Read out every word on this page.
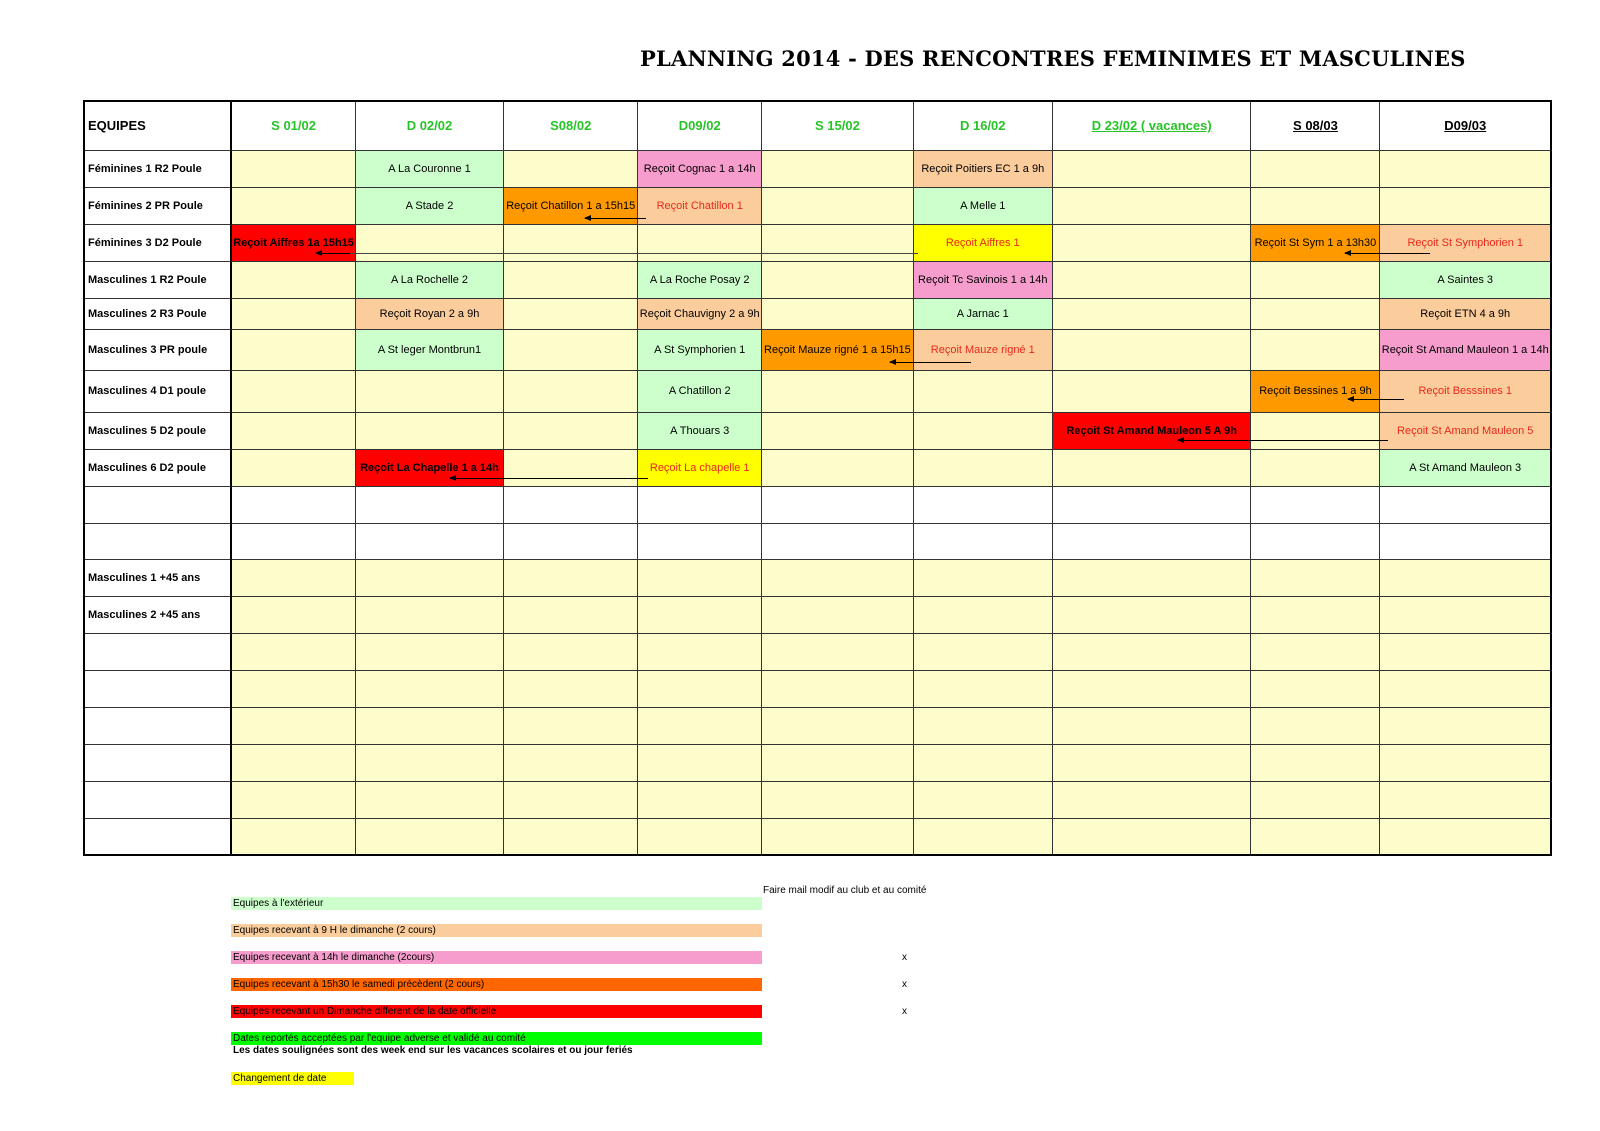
PLANNING 2014 - DES RENCONTRES FEMINIMES ET MASCULINES
EQUIPES	S 01/02	D 02/02	S08/02	D09/02	S 15/02	D 16/02	D 23/02 ( vacances)	S 08/03	D09/03
Féminines 1 R2 Poule		A La Couronne 1		Reçoit Cognac 1 a 14h		Reçoit Poitiers EC 1 a 9h			
Féminines 2 PR Poule		A Stade 2	Reçoit Chatillon 1 a 15h15	Reçoit Chatillon 1		A Melle 1			
Féminines 3 D2 Poule	Reçoit Aiffres 1a 15h15					Reçoit Aiffres 1		Reçoit St Sym 1 a 13h30	Reçoit St Symphorien 1
Masculines 1 R2 Poule		A La Rochelle 2		A La Roche Posay 2		Reçoit Tc Savinois 1 a 14h			A Saintes 3
Masculines 2 R3 Poule		Reçoit Royan 2 a 9h		Reçoit Chauvigny 2 a 9h		A Jarnac 1			Reçoit ETN 4 a 9h
Masculines 3 PR poule		A St leger Montbrun1		A St Symphorien 1	Reçoit Mauze rigné 1 a 15h15	Reçoit Mauze rigné 1			Reçoit St Amand Mauleon 1 a 14h
Masculines 4 D1 poule				A Chatillon 2				Reçoit Bessines 1 a 9h	Reçoit Besssines 1
Masculines 5 D2 poule				A Thouars 3			Reçoit St Amand Mauleon 5 A 9h		Reçoit St Amand Mauleon 5
Masculines 6 D2 poule		Reçoit La Chapelle 1 a 14h		Reçoit La chapelle 1					A St Amand Mauleon 3

Masculines 1 +45 ans									
Masculines 2 +45 ans									

Faire mail modif au club et au comité
Equipes à l'extérieur
Equipes recevant à 9 H le dimanche (2 cours)
Equipes recevant à 14h le dimanche (2cours)
Equipes recevant à 15h30 le samedi précèdent (2 cours)
Equipes recevant un Dimanche different de la date officielle
Dates reportés acceptées par l'equipe adverse et validé au comité
Les dates soulignées sont des week end sur les vacances scolaires et ou jour feriés
Changement de date
x
x
x
